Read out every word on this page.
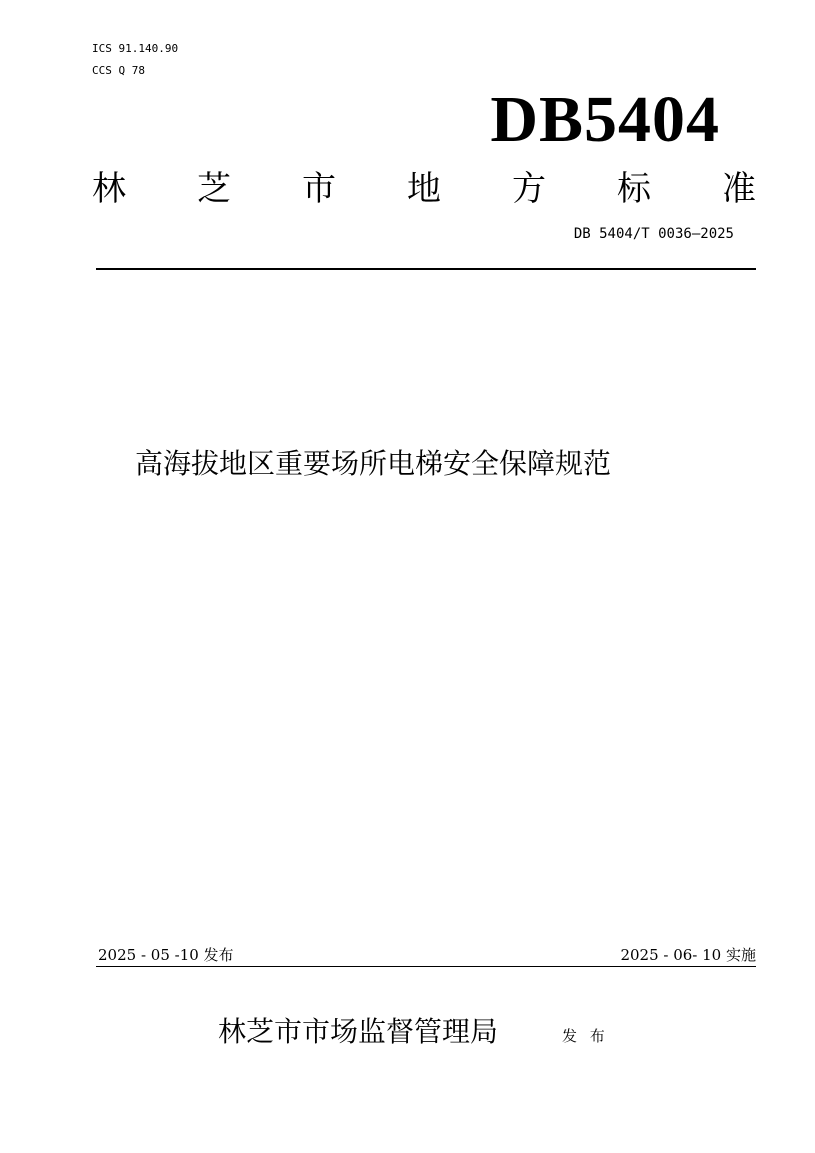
ICS 91.140.90
CCS Q 78
DB5404
林 芝 市 地 方 标 准
DB 5404/T 0036—2025
高海拔地区重要场所电梯安全保障规范
2025 - 05 -10 发布	2025 - 06- 10 实施
林芝市市场监督管理局	发 布
